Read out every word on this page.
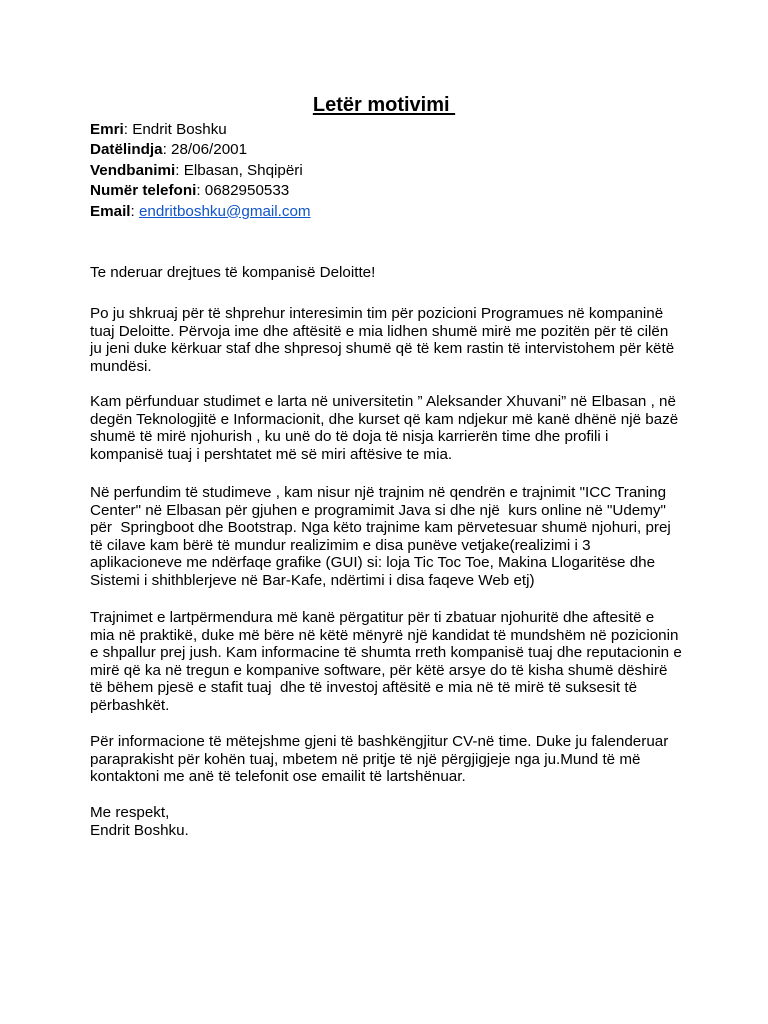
Letër motivimi
Emri: Endrit Boshku
Datëlindja: 28/06/2001
Vendbanimi: Elbasan, Shqipëri
Numër telefoni: 0682950533
Email: endritboshku@gmail.com
Te nderuar drejtues të kompanisë Deloitte!
Po ju shkruaj për të shprehur interesimin tim për pozicioni Programues në kompaninë
tuaj Deloitte. Përvoja ime dhe aftësitë e mia lidhen shumë mirë me pozitën për të cilën
ju jeni duke kërkuar staf dhe shpresoj shumë që të kem rastin të intervistohem për këtë
mundësi.
Kam përfunduar studimet e larta në universitetin ” Aleksander Xhuvani” në Elbasan , në
degën Teknologjitë e Informacionit, dhe kurset që kam ndjekur më kanë dhënë një bazë
shumë të mirë njohurish , ku unë do të doja të nisja karrierën time dhe profili i
kompanisë tuaj i pershtatet më së miri aftësive te mia.
Në perfundim të studimeve , kam nisur një trajnim në qendrën e trajnimit "ICC Traning
Center" në Elbasan për gjuhen e programimit Java si dhe një  kurs online në "Udemy"
për  Springboot dhe Bootstrap. Nga këto trajnime kam përvetesuar shumë njohuri, prej
të cilave kam bërë të mundur realizimim e disa punëve vetjake(realizimi i 3
aplikacioneve me ndërfaqe grafike (GUI) si: loja Tic Toc Toe, Makina Llogaritëse dhe
Sistemi i shithblerjeve në Bar-Kafe, ndërtimi i disa faqeve Web etj)
Trajnimet e lartpërmendura më kanë përgatitur për ti zbatuar njohuritë dhe aftesitë e
mia në praktikë, duke më bëre në këtë mënyrë një kandidat të mundshëm në pozicionin
e shpallur prej jush. Kam informacine të shumta rreth kompanisë tuaj dhe reputacionin e
mirë që ka në tregun e kompanive software, për këtë arsye do të kisha shumë dëshirë
të bëhem pjesë e stafit tuaj  dhe të investoj aftësitë e mia në të mirë të suksesit të
përbashkët.
Për informacione të mëtejshme gjeni të bashkëngjitur CV-në time. Duke ju falenderuar
paraprakisht për kohën tuaj, mbetem në pritje të një përgjigjeje nga ju.Mund të më
kontaktoni me anë të telefonit ose emailit të lartshënuar.
Me respekt,
Endrit Boshku.
